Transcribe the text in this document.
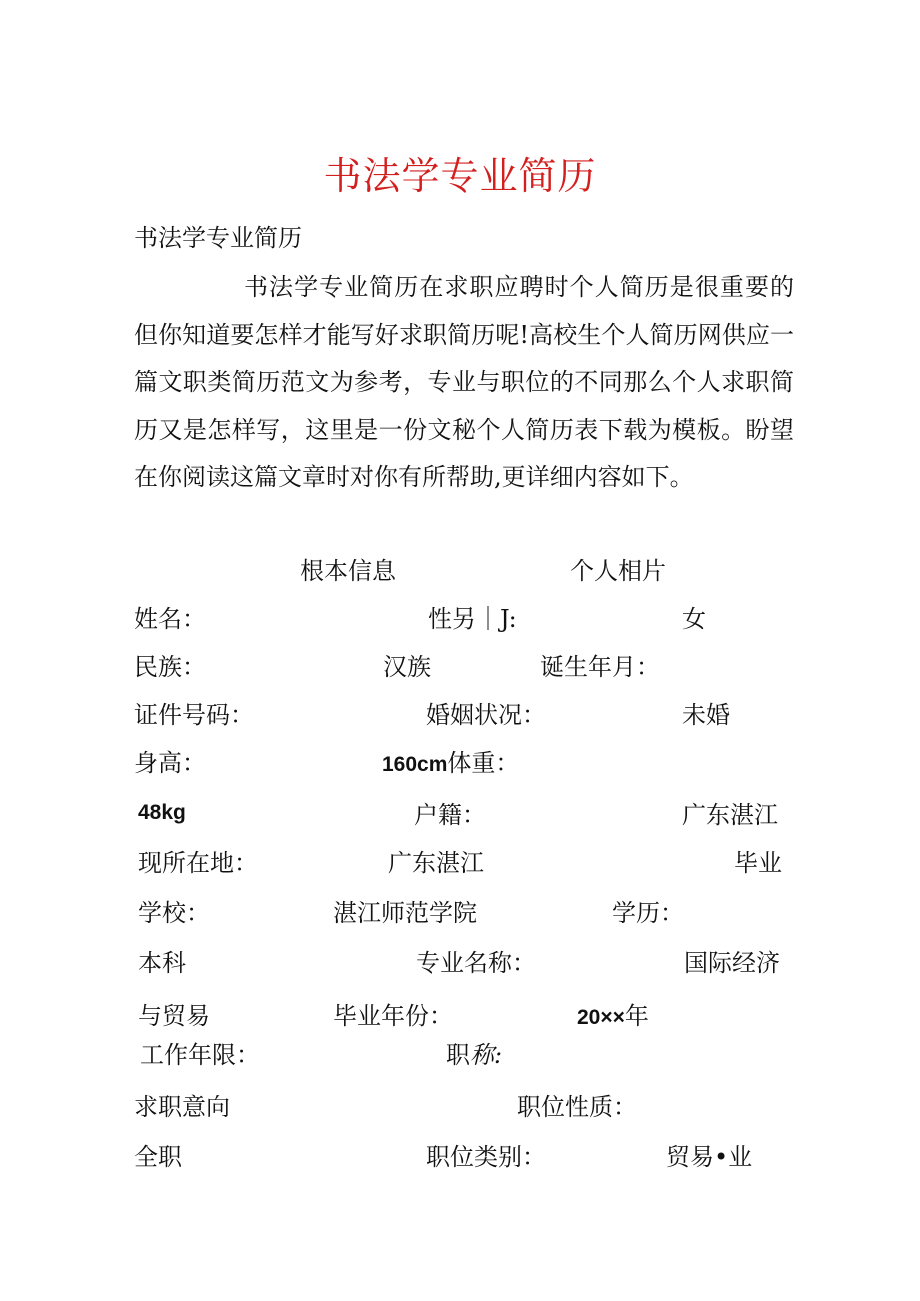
书法学专业简历
书法学专业简历

书法学专业简历在求职应聘时个人简历是很重要的但你知道要怎样才能写好求职简历呢!高校生个人简历网供应一篇文职类简历范文为参考，专业与职位的不同那么个人求职简历又是怎样写，这里是一份文秘个人简历表下载为模板。盼望在你阅读这篇文章时对你有所帮助,更详细内容如下。

根本信息	个人相片
姓名：	性另｜J:	女
民族：	汉族	诞生年月：
证件号码：	婚姻状况：	未婚
身高：	160cm体重：
48kg	户籍：	广东湛江
现所在地：	广东湛江	毕业
学校：	湛江师范学院	学历：
本科	专业名称：	国际经济
与贸易	毕业年份：	20××年
工作年限：	职称:
求职意向	职位性质：
全职	职位类别：	贸易•业
